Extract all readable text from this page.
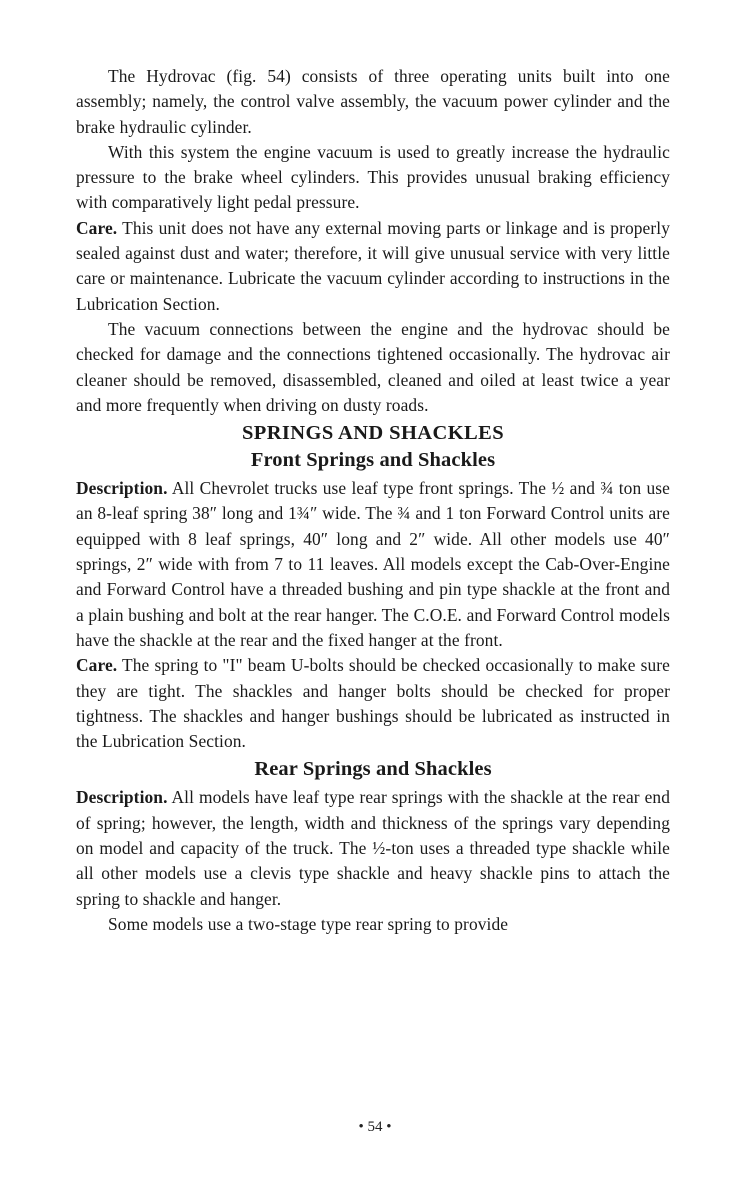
The Hydrovac (fig. 54) consists of three operating units built into one assembly; namely, the control valve assembly, the vacuum power cylinder and the brake hydraulic cylinder.

With this system the engine vacuum is used to greatly increase the hydraulic pressure to the brake wheel cylinders. This provides unusual braking efficiency with comparatively light pedal pressure.

Care. This unit does not have any external moving parts or linkage and is properly sealed against dust and water; therefore, it will give unusual service with very little care or maintenance. Lubricate the vacuum cylinder according to instructions in the Lubrication Section.

The vacuum connections between the engine and the hydrovac should be checked for damage and the connections tightened occasionally. The hydrovac air cleaner should be removed, disassembled, cleaned and oiled at least twice a year and more frequently when driving on dusty roads.

SPRINGS AND SHACKLES
Front Springs and Shackles

Description. All Chevrolet trucks use leaf type front springs. The ½ and ¾ ton use an 8-leaf spring 38″ long and 1¾″ wide. The ¾ and 1 ton Forward Control units are equipped with 8 leaf springs, 40″ long and 2″ wide. All other models use 40″ springs, 2″ wide with from 7 to 11 leaves. All models except the Cab-Over-Engine and Forward Control have a threaded bushing and pin type shackle at the front and a plain bushing and bolt at the rear hanger. The C.O.E. and Forward Control models have the shackle at the rear and the fixed hanger at the front.

Care. The spring to "I" beam U-bolts should be checked occasionally to make sure they are tight. The shackles and hanger bolts should be checked for proper tightness. The shackles and hanger bushings should be lubricated as instructed in the Lubrication Section.

Rear Springs and Shackles

Description. All models have leaf type rear springs with the shackle at the rear end of spring; however, the length, width and thickness of the springs vary depending on model and capacity of the truck. The ½-ton uses a threaded type shackle while all other models use a clevis type shackle and heavy shackle pins to attach the spring to shackle and hanger.

Some models use a two-stage type rear spring to provide

• 54 •
